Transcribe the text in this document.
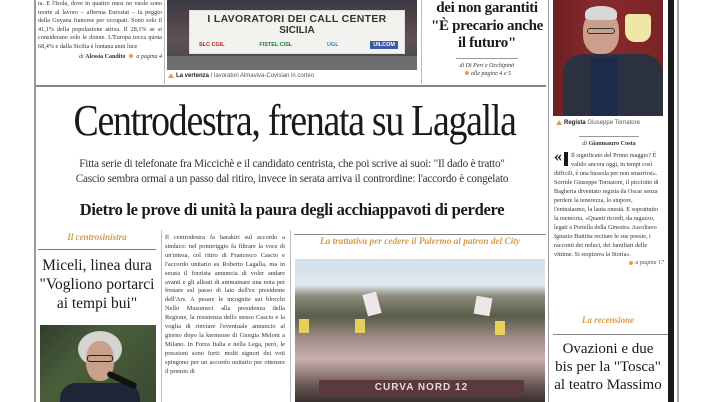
ta. E l'Isola, dove in quattro mesi no vuole sono morte al lavoro – afferma Eurostat – fa peggio della Guyana francese per occupati. Sono solo il 41,1% della popolazione attiva. Il 28,1% se si considerano solo le donne. L'Europa tocca quota 68,4% e dalla Sicilia è lontana anni luce

di Alessia Candito a pagina 4

I LAVORATORI DEI CALL CENTER
SICILIA
SLC CGIL	FISTEL CISL	UGL	UILCOM
La vertenza I lavoratori Almaviva-Covisian in corteo
dei non garantiti "È precario anche il futuro"
di Di Peri e Occhipinti
alle pagine 4 e 5
Regista Giuseppe Tornatore
di Gianmauro Costa
«	Il significato del Primo maggio? È valido ancora oggi, in tempi così difficili, è una bussola per non smarrirsi». Sorride Giuseppe Tornatore, il picciotto di Bagheria diventato regista da Oscar senza perdere la tenerezza, lo stupore, l'entusiasmo, la lauta onestà. E soprattutto la memoria. «Quanti ricordi, da ragazzo, legati a Portella della Ginestra. Ascoltavo Ignazio Buttitta recitare le sue poesie, i racconti dei reduci, dei familiari delle vittime. Si respirava la Storia».

a pagina 17

La recensione
Ovazioni e due bis per la "Tosca" al teatro Massimo
Centrodestra, frenata su Lagalla
Fitta serie di telefonate fra Miccichè e il candidato centrista, che poi scrive ai suoi: "Il dado è tratto"
Cascio sembra ormai a un passo dal ritiro, invece in serata arriva il contrordine: l'accordo è congelato
Dietro le prove di unità la paura degli acchiappavoti di perdere
Il centrosinistra
Miceli, linea dura "Vogliono portarci ai tempi bui"

Il centrodestra fa harakiri sul accordo a sindaco: nel pomeriggio fa filtrare la voce di un'intesa, col ritiro di Francesco Cascio e l'accordo unitario su Roberto Lagalla, ma in serata il forzista annuncia di voler andare avanti e gli alleati di ammainare una nota per frenare sul passo di lato dell'ex presidente dell'Ars. A pesare le incognite sui blocchi Nello Musumeci alla presidenza della Regione, la resistenza dello stesso Cascio e la voglia di rinviare l'eventuale annuncio al giorno dopo la kermesse di Giorgia Meloni a Milano. In Forza Italia e nella Lega, però, le pressioni sono forti: molti signori dei voti spingono per un accordo unitario per ottenere il premio di

La trattativa per cedere il Palermo al patron del City
CURVA NORD 12
